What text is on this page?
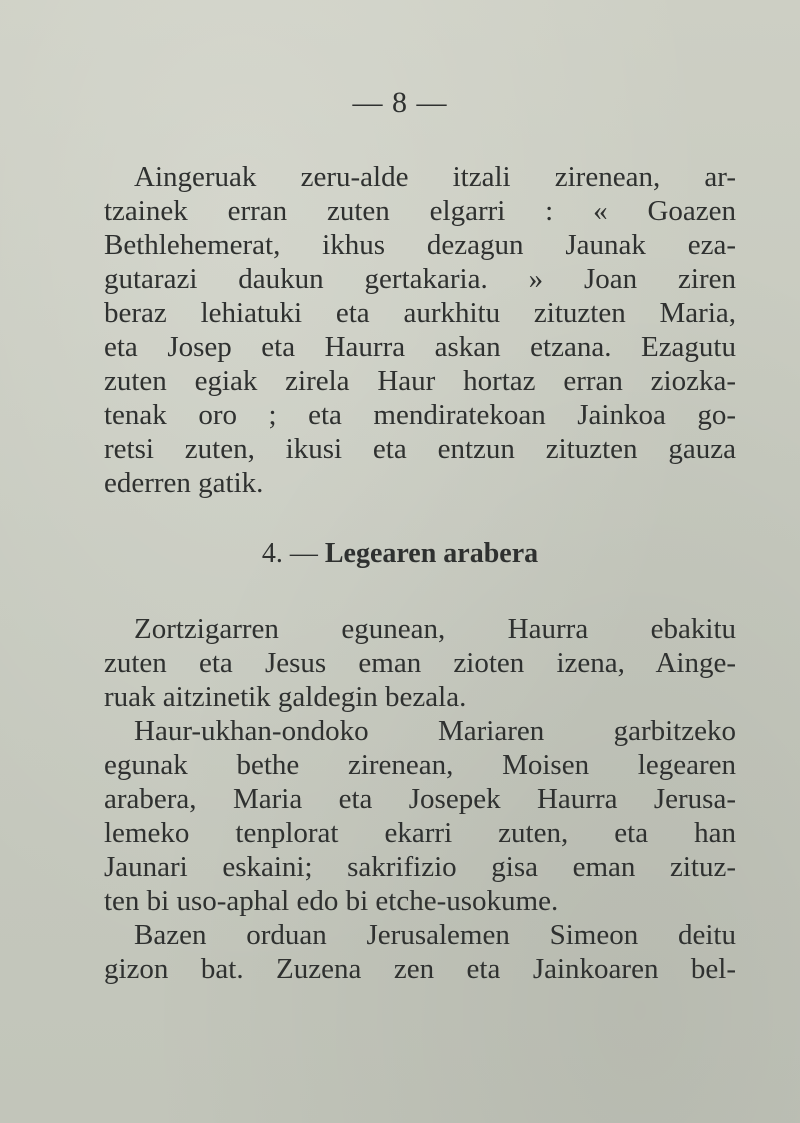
— 8 —
Aingeruak zeru-alde itzali zirenean, ar-
tzainek erran zuten elgarri : « Goazen
Bethlehemerat, ikhus dezagun Jaunak eza-
gutarazi daukun gertakaria. » Joan ziren
beraz lehiatuki eta aurkhitu zituzten Maria,
eta Josep eta Haurra askan etzana. Ezagutu
zuten egiak zirela Haur hortaz erran ziozka-
tenak oro ; eta mendiratekoan Jainkoa go-
retsi zuten, ikusi eta entzun zituzten gauza
ederren gatik.
4. — Legearen arabera
Zortzigarren egunean, Haurra ebakitu
zuten eta Jesus eman zioten izena, Ainge-
ruak aitzinetik galdegin bezala.
Haur-ukhan-ondoko Mariaren garbitzeko
egunak bethe zirenean, Moisen legearen
arabera, Maria eta Josepek Haurra Jerusa-
lemeko tenplorat ekarri zuten, eta han
Jaunari eskaini; sakrifizio gisa eman zituz-
ten bi uso-aphal edo bi etche-usokume.
Bazen orduan Jerusalemen Simeon deitu
gizon bat. Zuzena zen eta Jainkoaren bel-
